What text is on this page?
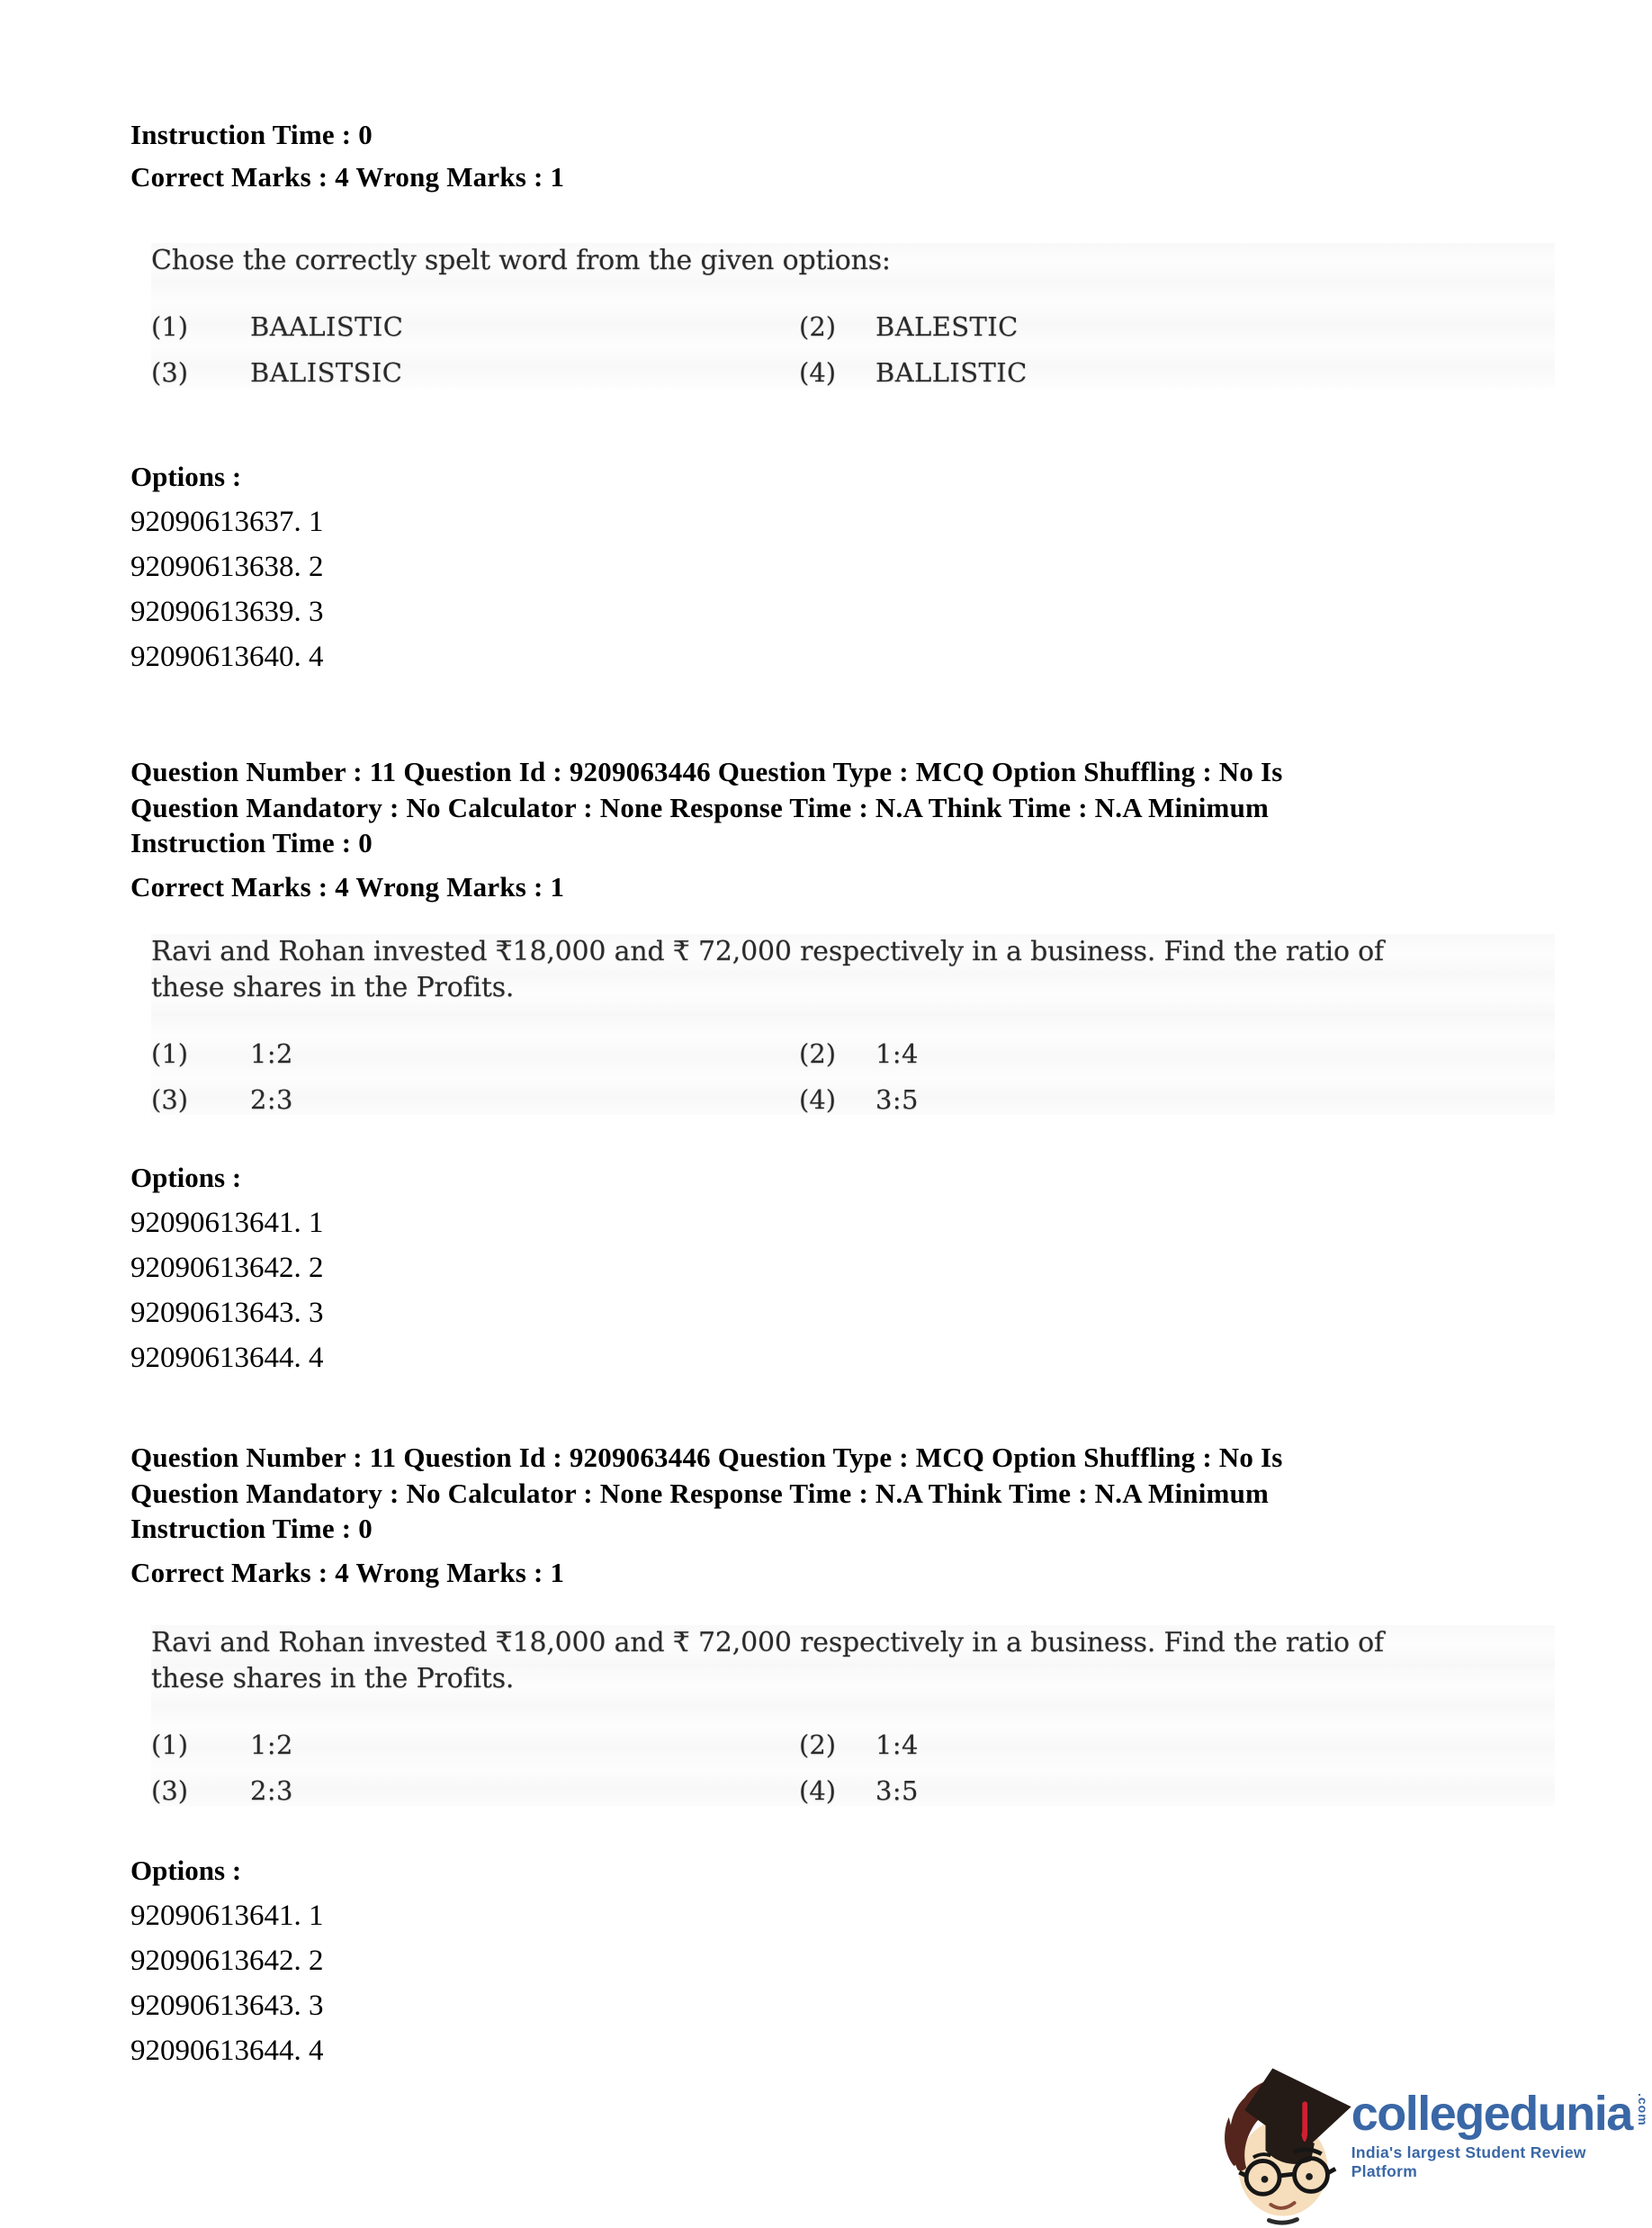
Instruction Time : 0
Correct Marks : 4 Wrong Marks : 1

Chose the correctly spelt word from the given options:

(1)	BAALISTIC	(2)	BALESTIC
(3)	BALISTSIC	(4)	BALLISTIC
Options :
92090613637. 1
92090613638. 2
92090613639. 3
92090613640. 4
Question Number : 11 Question Id : 9209063446 Question Type : MCQ Option Shuffling : No Is
Question Mandatory : No Calculator : None Response Time : N.A Think Time : N.A Minimum
Instruction Time : 0
Correct Marks : 4 Wrong Marks : 1

Ravi and Rohan invested ₹18,000 and ₹ 72,000 respectively in a business. Find the ratio of

these shares in the Profits.

(1)	1:2	(2)	1:4
(3)	2:3	(4)	3:5
Options :
92090613641. 1
92090613642. 2
92090613643. 3
92090613644. 4
Question Number : 11 Question Id : 9209063446 Question Type : MCQ Option Shuffling : No Is
Question Mandatory : No Calculator : None Response Time : N.A Think Time : N.A Minimum
Instruction Time : 0
Correct Marks : 4 Wrong Marks : 1

Ravi and Rohan invested ₹18,000 and ₹ 72,000 respectively in a business. Find the ratio of

these shares in the Profits.

(1)	1:2	(2)	1:4
(3)	2:3	(4)	3:5
Options :
92090613641. 1
92090613642. 2
92090613643. 3
92090613644. 4
collegedunia .com
India's largest Student Review Platform
